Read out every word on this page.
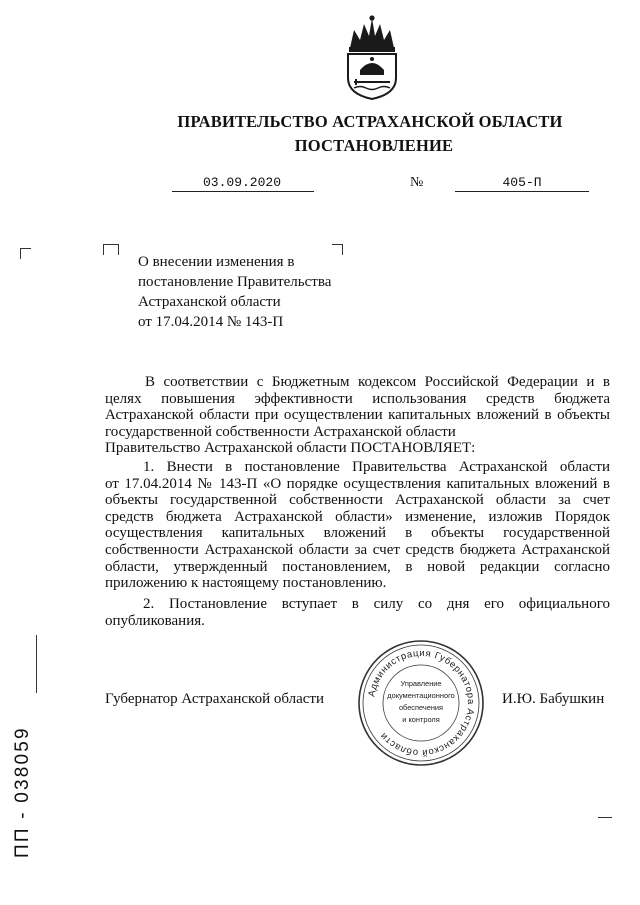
ПРАВИТЕЛЬСТВО АСТРАХАНСКОЙ ОБЛАСТИ
ПОСТАНОВЛЕНИЕ
03.09.2020	№	405-П
О внесении изменения в
постановление Правительства
Астраханской области
от 17.04.2014 № 143-П
В соответствии с Бюджетным кодексом Российской Федерации и в
целях повышения эффективности использования средств бюджета
Астраханской области при осуществлении капитальных вложений в объекты
государственной собственности Астраханской области
Правительство Астраханской области ПОСТАНОВЛЯЕТ:
1. Внести в постановление Правительства Астраханской области
от 17.04.2014 № 143-П «О порядке осуществления капитальных вложений в
объекты государственной собственности Астраханской области за счет
средств бюджета Астраханской области» изменение, изложив Порядок
осуществления капитальных вложений в объекты государственной
собственности Астраханской области за счет средств бюджета Астраханской
области, утвержденный постановлением, в новой редакции согласно
приложению к настоящему постановлению.
2. Постановление вступает в силу со дня его официального
опубликования.
Губернатор Астраханской области	И.Ю. Бабушкин
Администрация Губернатора Астраханской области
Управление
документационного
обеспечения
и контроля
ПП - 038059
